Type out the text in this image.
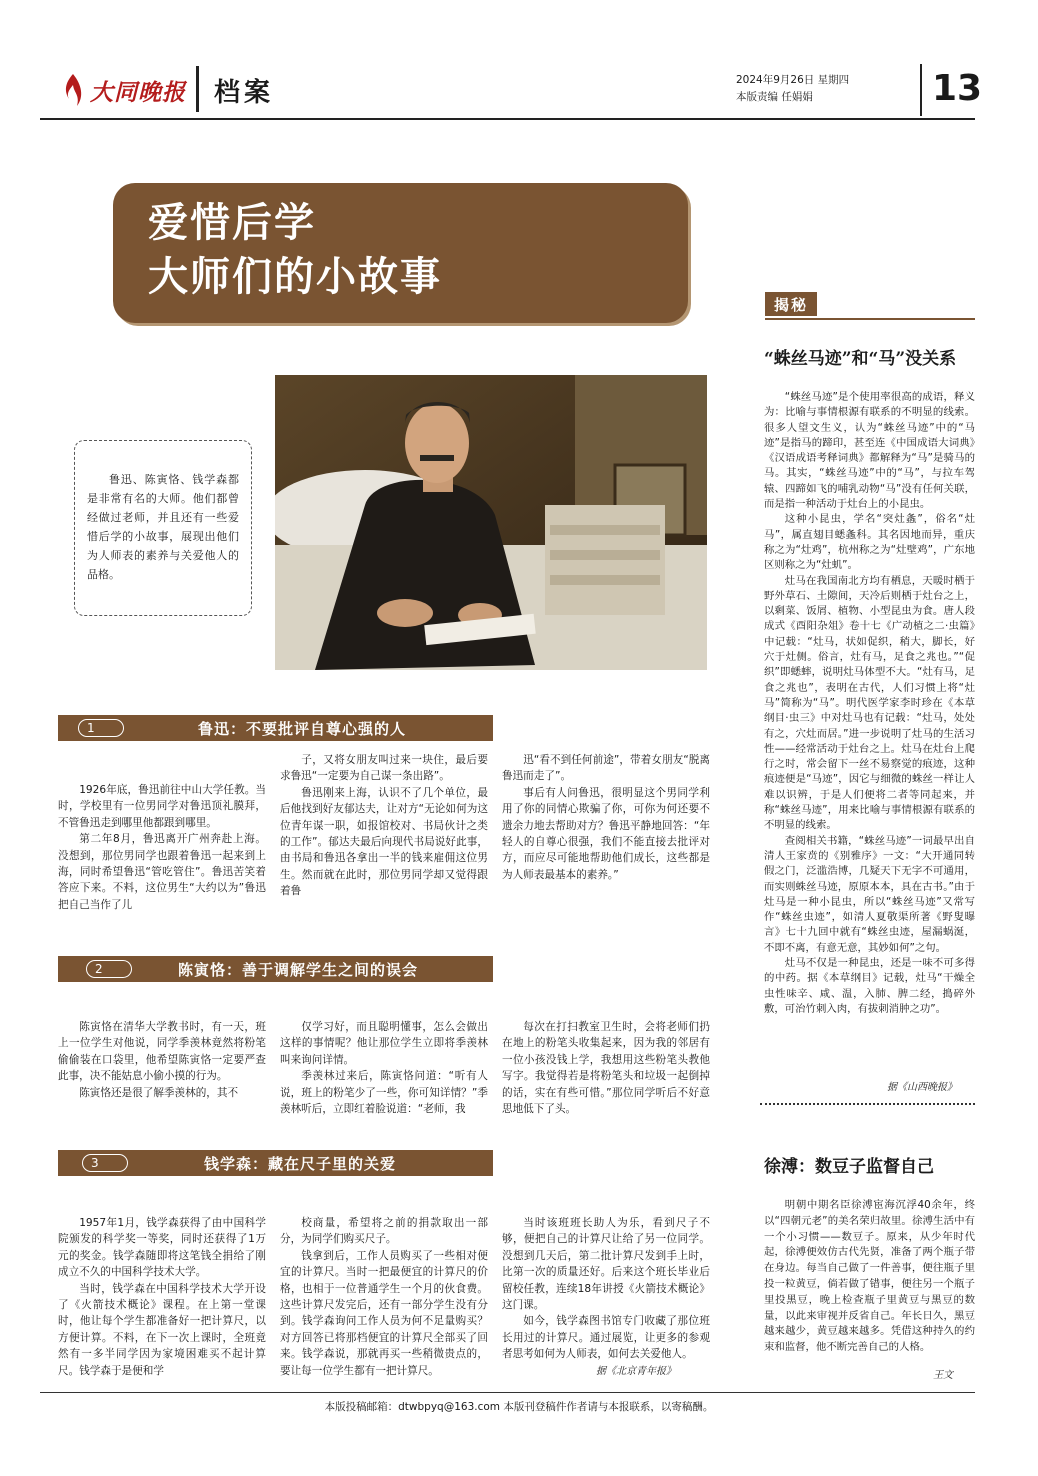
大同晚报 档案	2024年9月26日 星期四
本版责编 任娟娟	13
爱惜后学
大师们的小故事

鲁迅、陈寅恪、钱学森都是非常有名的大师。他们都曾经做过老师，并且还有一些爱惜后学的小故事，展现出他们为人师表的素养与关爱他人的品格。

1	鲁迅：不要批评自尊心强的人

1926年底，鲁迅前往中山大学任教。当时，学校里有一位男同学对鲁迅顶礼膜拜，不管鲁迅走到哪里他都跟到哪里。

第二年8月，鲁迅离开广州奔赴上海。没想到，那位男同学也跟着鲁迅一起来到上海，同时希望鲁迅“管吃管住”。鲁迅苦笑着答应下来。不料，这位男生“大约以为”鲁迅把自己当作了儿

子，又将女朋友叫过来一块住，最后要求鲁迅“一定要为自己谋一条出路”。

鲁迅刚来上海，认识不了几个单位，最后他找到好友郁达夫，让对方“无论如何为这位青年谋一职，如报馆校对、书局伙计之类的工作”。郁达夫最后向现代书局说好此事，由书局和鲁迅各拿出一半的钱来雇佣这位男生。然而就在此时，那位男同学却又觉得跟着鲁

迅“看不到任何前途”，带着女朋友“脱离鲁迅而走了”。

事后有人问鲁迅，很明显这个男同学利用了你的同情心欺骗了你，可你为何还要不遗余力地去帮助对方？鲁迅平静地回答：“年轻人的自尊心很强，我们不能直接去批评对方，而应尽可能地帮助他们成长，这些都是为人师表最基本的素养。”

2	陈寅恪：善于调解学生之间的误会

陈寅恪在清华大学教书时，有一天，班上一位学生对他说，同学季羡林竟然将粉笔偷偷装在口袋里，他希望陈寅恪一定要严查此事，决不能姑息小偷小摸的行为。

陈寅恪还是很了解季羡林的，其不

仅学习好，而且聪明懂事，怎么会做出这样的事情呢？他让那位学生立即将季羡林叫来询问详情。

季羡林过来后，陈寅恪问道：“听有人说，班上的粉笔少了一些，你可知详情？”季羡林听后，立即红着脸说道：“老师，我

每次在打扫教室卫生时，会将老师们扔在地上的粉笔头收集起来，因为我的邻居有一位小孩没钱上学，我想用这些粉笔头教他写字。我觉得若是将粉笔头和垃圾一起倒掉的话，实在有些可惜。”那位同学听后不好意思地低下了头。

3	钱学森：藏在尺子里的关爱

1957年1月，钱学森获得了由中国科学院颁发的科学奖一等奖，同时还获得了1万元的奖金。钱学森随即将这笔钱全捐给了刚成立不久的中国科学技术大学。

当时，钱学森在中国科学技术大学开设了《火箭技术概论》课程。在上第一堂课时，他让每个学生都准备好一把计算尺，以方便计算。不料，在下一次上课时，全班竟然有一多半同学因为家境困难买不起计算尺。钱学森于是便和学

校商量，希望将之前的捐款取出一部分，为同学们购买尺子。

钱拿到后，工作人员购买了一些相对便宜的计算尺。当时一把最便宜的计算尺的价格，也相于一位普通学生一个月的伙食费。这些计算尺发完后，还有一部分学生没有分到。钱学森询问工作人员为何不足量购买？对方回答已将那档便宜的计算尺全部买了回来。钱学森说，那就再买一些稍微贵点的，要让每一位学生都有一把计算尺。

当时该班班长助人为乐，看到尺子不够，便把自己的计算尺让给了另一位同学。没想到几天后，第二批计算尺发到手上时，比第一次的质量还好。后来这个班长毕业后留校任教，连续18年讲授《火箭技术概论》这门课。

如今，钱学森图书馆专门收藏了那位班长用过的计算尺。通过展览，让更多的参观者思考如何为人师表，如何去关爱他人。

据《北京青年报》
揭秘
“蛛丝马迹”和“马”没关系

“蛛丝马迹”是个使用率很高的成语，释义为：比喻与事情根源有联系的不明显的线索。很多人望文生义，认为“蛛丝马迹”中的“马迹”是指马的蹄印，甚至连《中国成语大词典》《汉语成语考释词典》都解释为“马”是骑马的马。其实，“蛛丝马迹”中的“马”，与拉车驾辕、四蹄如飞的哺乳动物“马”没有任何关联，而是指一种活动于灶台上的小昆虫。

这种小昆虫，学名“突灶螽”，俗名“灶马”，属直翅目蟋螽科。其名因地而异，重庆称之为“灶鸡”，杭州称之为“灶壁鸡”，广东地区则称之为“灶虮”。

灶马在我国南北方均有栖息，天暖时栖于野外草石、土隙间，天冷后则栖于灶台之上，以剩菜、饭屑、植物、小型昆虫为食。唐人段成式《酉阳杂俎》卷十七《广动植之二·虫篇》中记载：“灶马，状如促织，稍大，脚长，好穴于灶侧。俗言，灶有马，足食之兆也。”“促织”即蟋蟀，说明灶马体型不大。“灶有马，足食之兆也”，表明在古代，人们习惯上将“灶马”简称为“马”。明代医学家李时珍在《本草纲目·虫三》中对灶马也有记载：“灶马，处处有之，穴灶而居。”进一步说明了灶马的生活习性——经常活动于灶台之上。灶马在灶台上爬行之时，常会留下一丝不易察觉的痕迹，这种痕迹便是“马迹”，因它与细微的蛛丝一样让人难以识辨，于是人们便将二者等同起来，并称“蛛丝马迹”，用来比喻与事情根源有联系的不明显的线索。

查阅相关书籍，“蛛丝马迹”一词最早出自清人王家贲的《别雅序》一文：“大开通同转假之门，泛滥浩博，几疑天下无字不可通用，而实则蛛丝马迹，原原本本，具在古书。”由于灶马是一种小昆虫，所以“蛛丝马迹”又常写作“蛛丝虫迹”，如清人夏敬渠所著《野叟曝言》七十九回中就有“蛛丝虫迹，屋漏蜗涎，不即不离，有意无意，其妙如何”之句。

灶马不仅是一种昆虫，还是一味不可多得的中药。据《本草纲目》记载，灶马“干燥全虫性味辛、咸、温，入肺、脾二经，搗碎外敷，可治竹刺入肉，有拔刺消肿之功”。

据《山西晚报》
徐溥：数豆子监督自己

明朝中期名臣徐溥宦海沉浮40余年，终以“四朝元老”的美名荣归故里。徐溥生活中有一个小习惯——数豆子。原来，从少年时代起，徐溥便效仿古代先贤，准备了两个瓶子带在身边。每当自己做了一件善事，便往瓶子里投一粒黄豆，倘若做了错事，便往另一个瓶子里投黑豆，晚上检查瓶子里黄豆与黑豆的数量，以此来审视并反省自己。年长日久，黑豆越来越少，黄豆越来越多。凭借这种持久的约束和监督，他不断完善自己的人格。

王文
本版投稿邮箱：dtwbpyq@163.com 本版刊登稿件作者请与本报联系，以寄稿酬。
